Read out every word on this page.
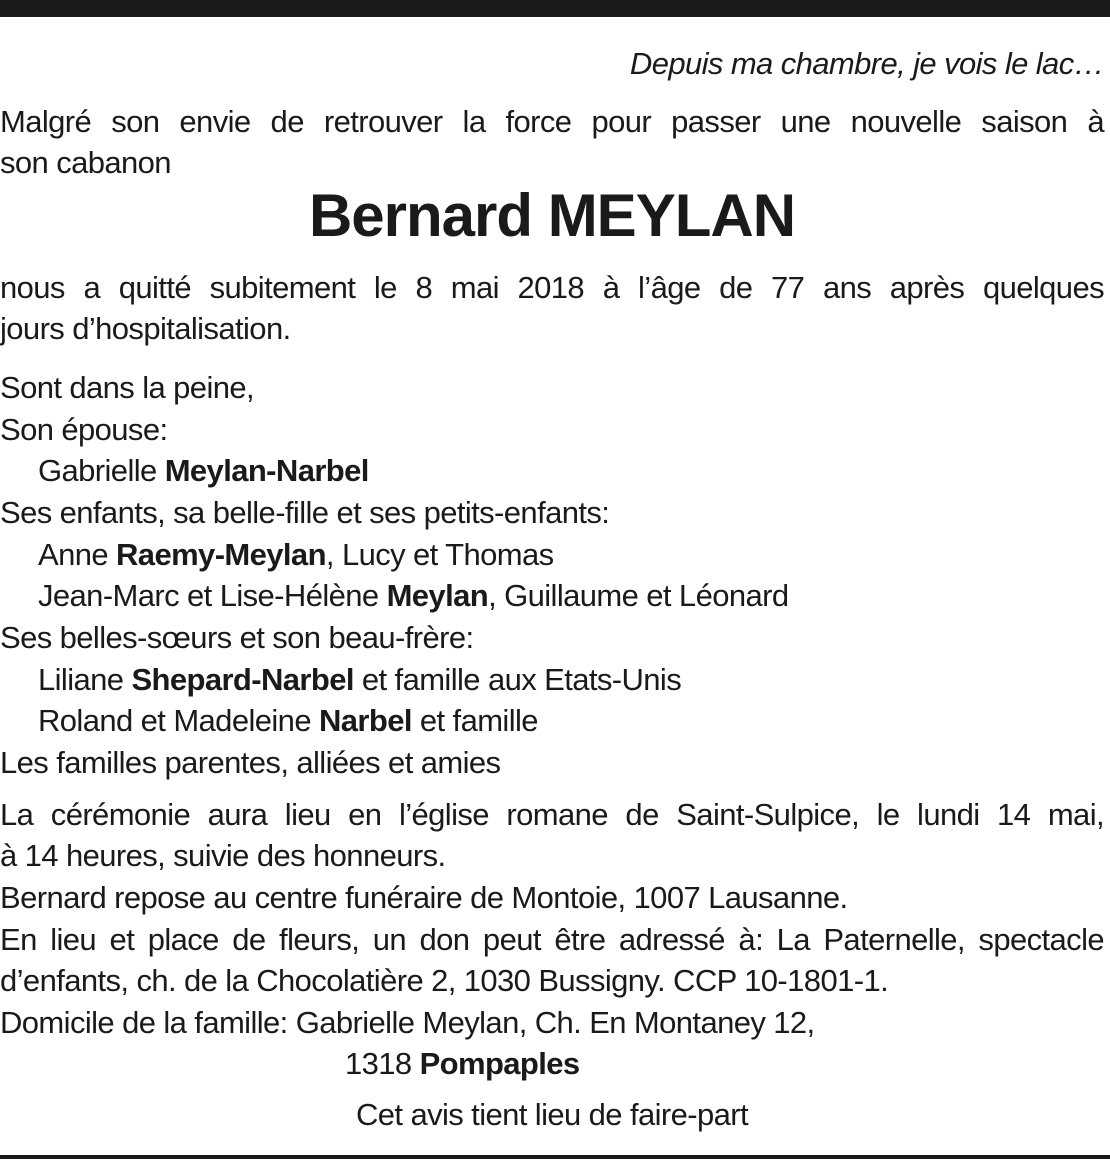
Depuis ma chambre, je vois le lac…
Malgré son envie de retrouver la force pour passer une nouvelle saison à
son cabanon
Bernard MEYLAN
nous a quitté subitement le 8 mai 2018 à l’âge de 77 ans après quelques
jours d’hospitalisation.
Sont dans la peine,
Son épouse:
Gabrielle Meylan-Narbel
Ses enfants, sa belle-fille et ses petits-enfants:
Anne Raemy-Meylan, Lucy et Thomas
Jean-Marc et Lise-Hélène Meylan, Guillaume et Léonard
Ses belles-sœurs et son beau-frère:
Liliane Shepard-Narbel et famille aux Etats-Unis
Roland et Madeleine Narbel et famille
Les familles parentes, alliées et amies
La cérémonie aura lieu en l’église romane de Saint-Sulpice, le lundi 14 mai,
à 14 heures, suivie des honneurs.
Bernard repose au centre funéraire de Montoie, 1007 Lausanne.
En lieu et place de fleurs, un don peut être adressé à: La Paternelle, spectacle
d’enfants, ch. de la Chocolatière 2, 1030 Bussigny. CCP 10-1801-1.
Domicile de la famille: Gabrielle Meylan, Ch. En Montaney 12,
1318 Pompaples
Cet avis tient lieu de faire-part
